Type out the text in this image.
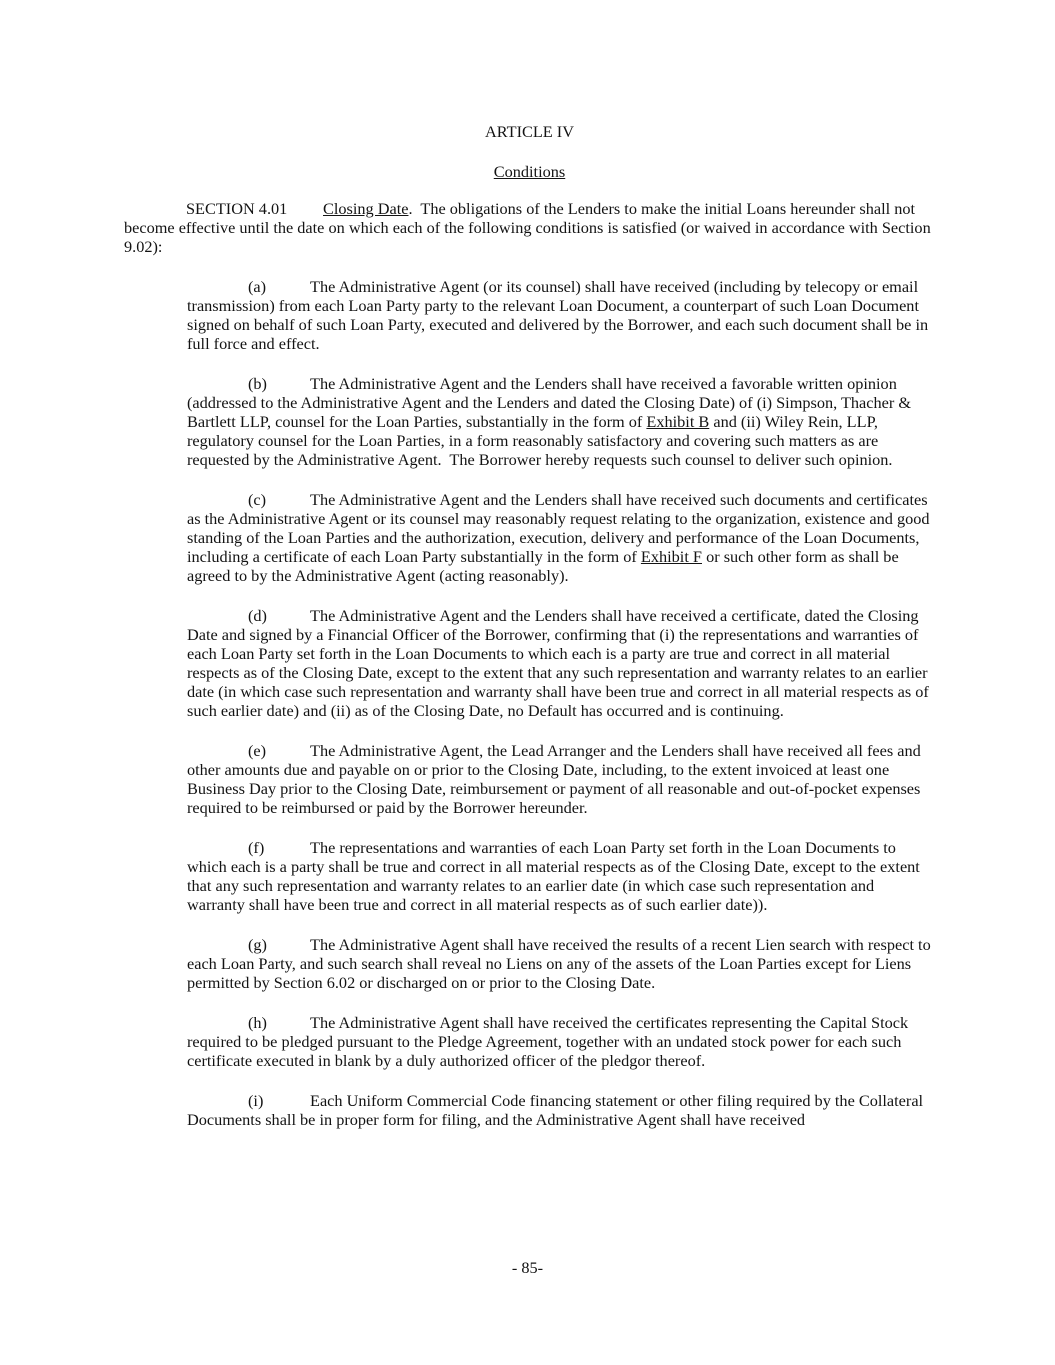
ARTICLE IV

Conditions

SECTION 4.01 Closing Date.  The obligations of the Lenders to make the initial Loans hereunder shall not become effective until the date on which each of the following conditions is satisfied (or waived in accordance with Section 9.02):

(a)	The Administrative Agent (or its counsel) shall have received (including by telecopy or email transmission) from each Loan Party party to the relevant Loan Document, a counterpart of such Loan Document signed on behalf of such Loan Party, executed and delivered by the Borrower, and each such document shall be in full force and effect.

(b)	The Administrative Agent and the Lenders shall have received a favorable written opinion (addressed to the Administrative Agent and the Lenders and dated the Closing Date) of (i) Simpson, Thacher & Bartlett LLP, counsel for the Loan Parties, substantially in the form of Exhibit B and (ii) Wiley Rein, LLP, regulatory counsel for the Loan Parties, in a form reasonably satisfactory and covering such matters as are requested by the Administrative Agent.  The Borrower hereby requests such counsel to deliver such opinion.

(c)	The Administrative Agent and the Lenders shall have received such documents and certificates as the Administrative Agent or its counsel may reasonably request relating to the organization, existence and good standing of the Loan Parties and the authorization, execution, delivery and performance of the Loan Documents, including a certificate of each Loan Party substantially in the form of Exhibit F or such other form as shall be agreed to by the Administrative Agent (acting reasonably).

(d)	The Administrative Agent and the Lenders shall have received a certificate, dated the Closing Date and signed by a Financial Officer of the Borrower, confirming that (i) the representations and warranties of each Loan Party set forth in the Loan Documents to which each is a party are true and correct in all material respects as of the Closing Date, except to the extent that any such representation and warranty relates to an earlier date (in which case such representation and warranty shall have been true and correct in all material respects as of such earlier date) and (ii) as of the Closing Date, no Default has occurred and is continuing.

(e)	The Administrative Agent, the Lead Arranger and the Lenders shall have received all fees and other amounts due and payable on or prior to the Closing Date, including, to the extent invoiced at least one Business Day prior to the Closing Date, reimbursement or payment of all reasonable and out-of-pocket expenses required to be reimbursed or paid by the Borrower hereunder.

(f)	The representations and warranties of each Loan Party set forth in the Loan Documents to which each is a party shall be true and correct in all material respects as of the Closing Date, except to the extent that any such representation and warranty relates to an earlier date (in which case such representation and warranty shall have been true and correct in all material respects as of such earlier date)).

(g)	The Administrative Agent shall have received the results of a recent Lien search with respect to each Loan Party, and such search shall reveal no Liens on any of the assets of the Loan Parties except for Liens permitted by Section 6.02 or discharged on or prior to the Closing Date.

(h)	The Administrative Agent shall have received the certificates representing the Capital Stock required to be pledged pursuant to the Pledge Agreement, together with an undated stock power for each such certificate executed in blank by a duly authorized officer of the pledgor thereof.

(i)	Each Uniform Commercial Code financing statement or other filing required by the Collateral Documents shall be in proper form for filing, and the Administrative Agent shall have received

- 85-
